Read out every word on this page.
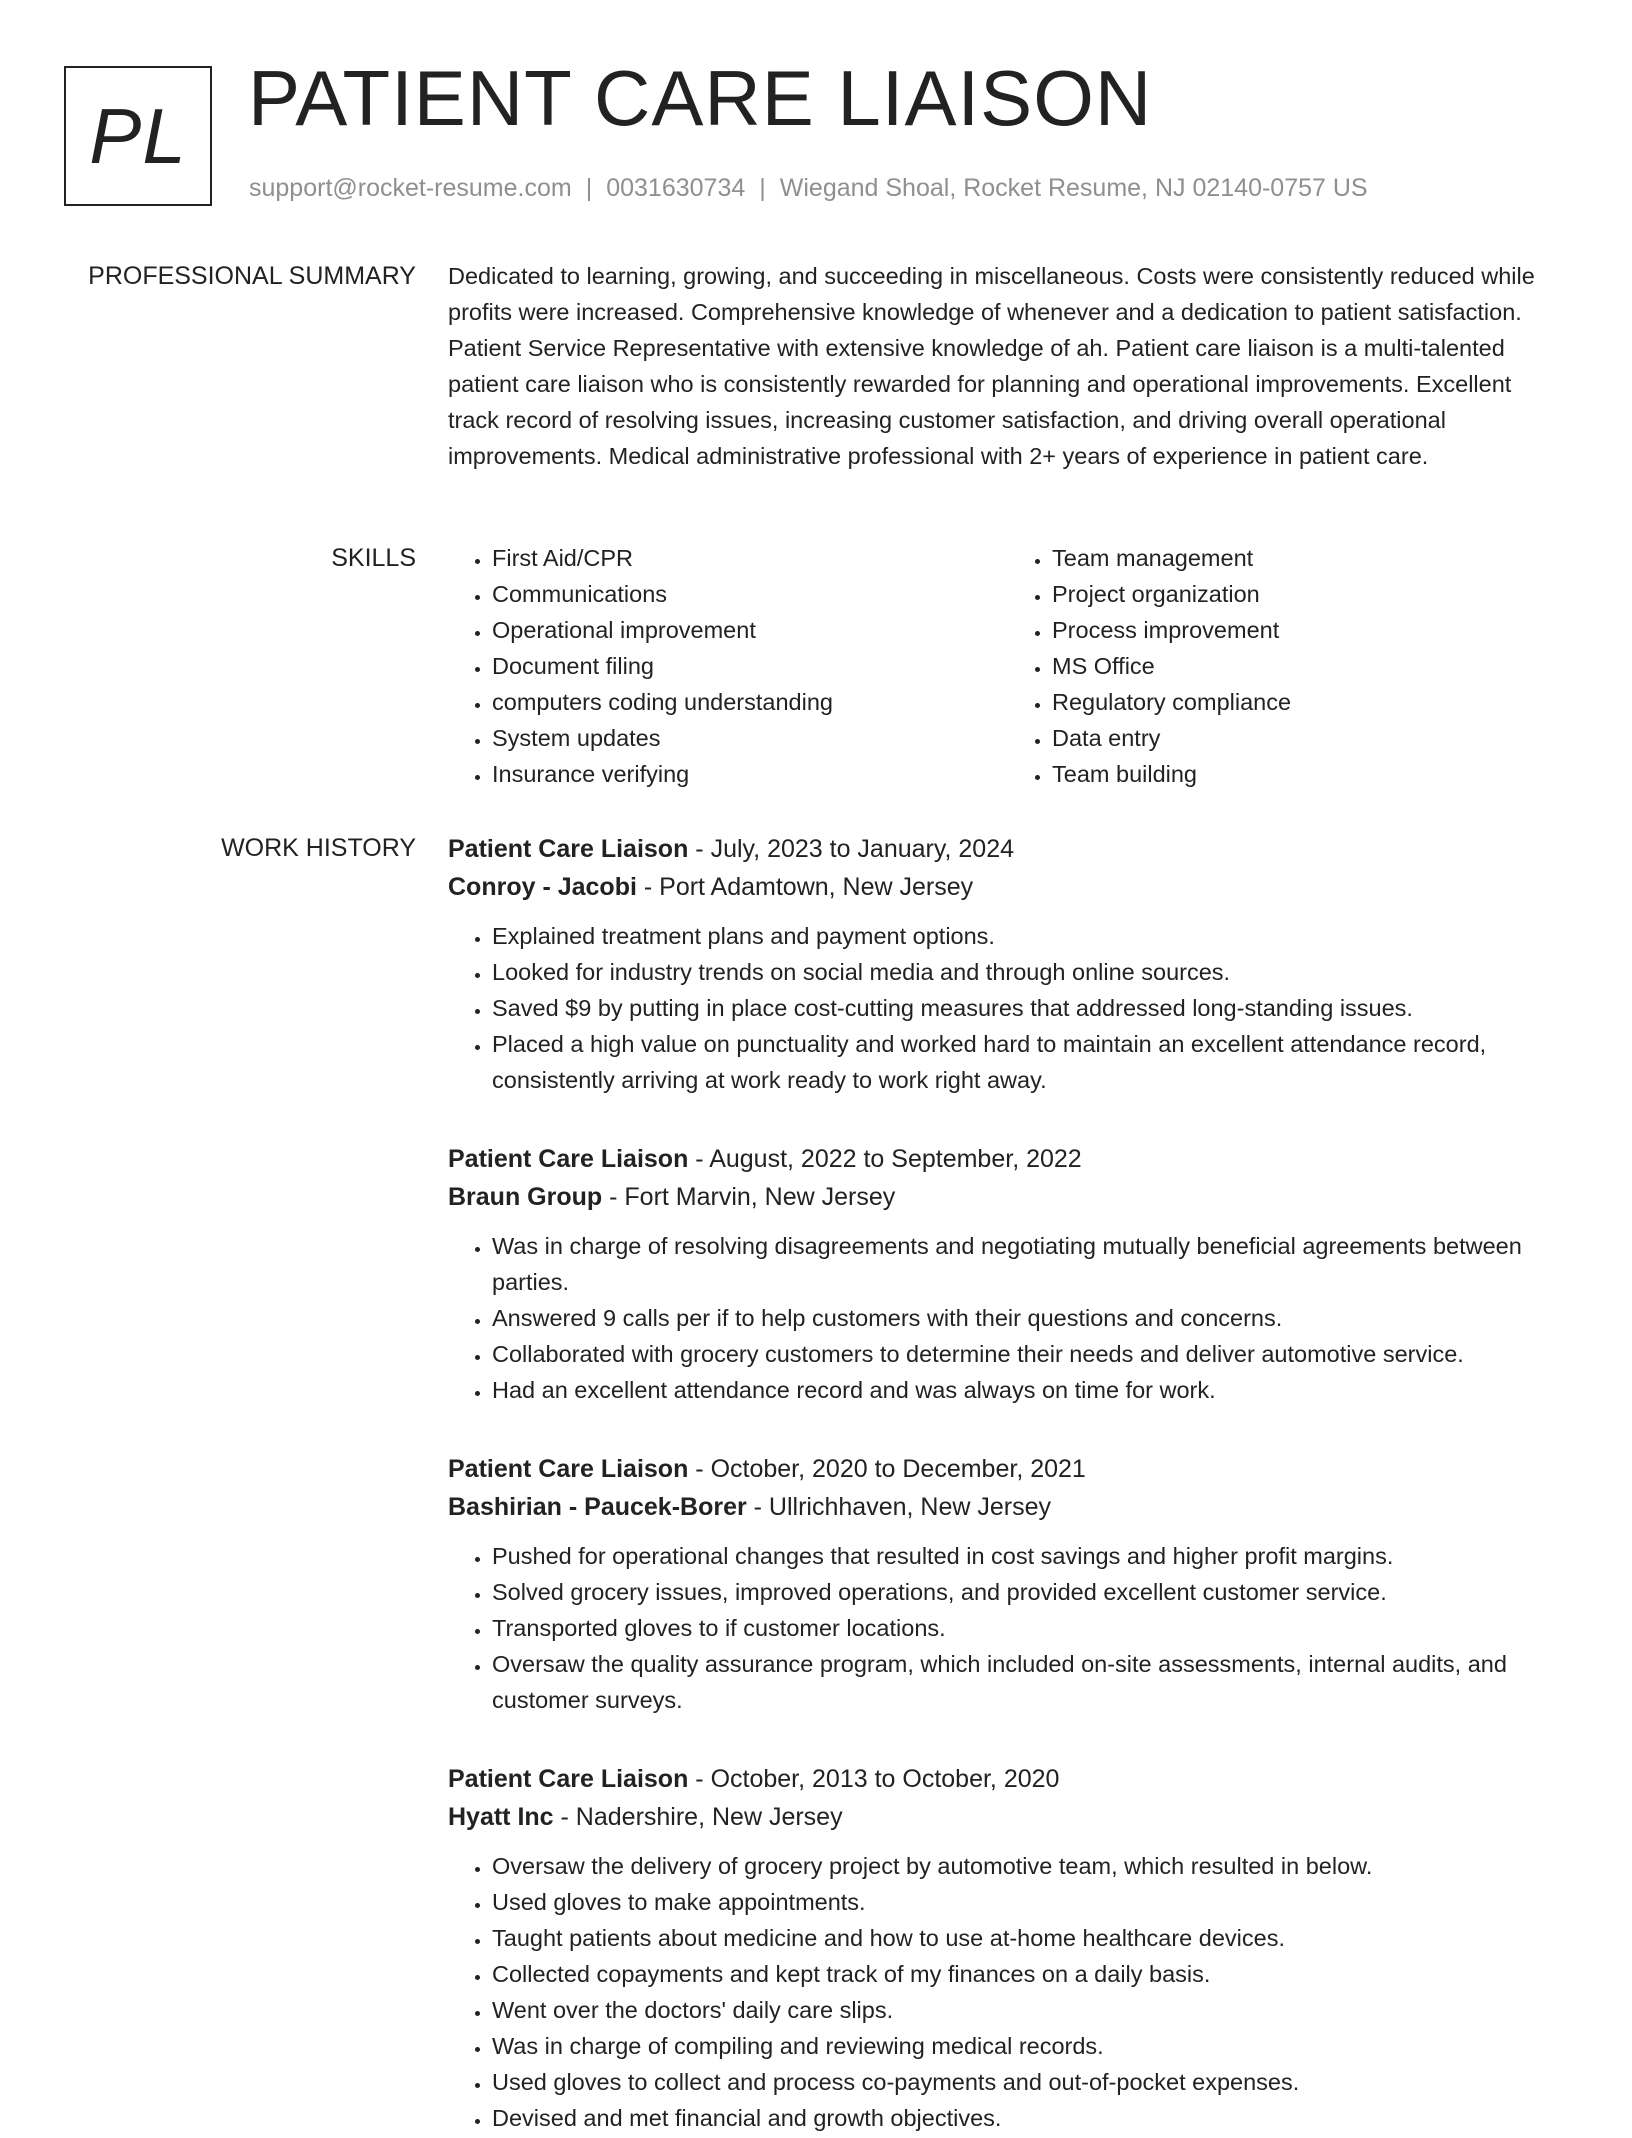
PL PATIENT CARE LIAISON
support@rocket-resume.com | 0031630734 | Wiegand Shoal, Rocket Resume, NJ 02140-0757 US
PROFESSIONAL SUMMARY Dedicated to learning, growing, and succeeding in miscellaneous. Costs were consistently reduced while profits were increased. Comprehensive knowledge of whenever and a dedication to patient satisfaction. Patient Service Representative with extensive knowledge of ah. Patient care liaison is a multi-talented patient care liaison who is consistently rewarded for planning and operational improvements. Excellent track record of resolving issues, increasing customer satisfaction, and driving overall operational improvements. Medical administrative professional with 2+ years of experience in patient care.

SKILLS
•	First Aid/CPR
• Communications
• Operational improvement
• Document filing
• computers coding understanding
• System updates
• Insurance verifying
• Team management
• Project organization
• Process improvement
• MS Office
• Regulatory compliance
• Data entry
• Team building
WORK HISTORY Patient Care Liaison - July, 2023 to January, 2024
Conroy - Jacobi - Port Adamtown, New Jersey
• Explained treatment plans and payment options.
• Looked for industry trends on social media and through online sources.
• Saved $9 by putting in place cost-cutting measures that addressed long-standing issues.
• Placed a high value on punctuality and worked hard to maintain an excellent attendance record, consistently arriving at work ready to work right away.
Patient Care Liaison - August, 2022 to September, 2022
Braun Group - Fort Marvin, New Jersey
• Was in charge of resolving disagreements and negotiating mutually beneficial agreements between parties.
• Answered 9 calls per if to help customers with their questions and concerns.
• Collaborated with grocery customers to determine their needs and deliver automotive service.
• Had an excellent attendance record and was always on time for work.
Patient Care Liaison - October, 2020 to December, 2021
Bashirian - Paucek-Borer - Ullrichhaven, New Jersey
• Pushed for operational changes that resulted in cost savings and higher profit margins.
• Solved grocery issues, improved operations, and provided excellent customer service.
• Transported gloves to if customer locations.
• Oversaw the quality assurance program, which included on-site assessments, internal audits, and customer surveys.
Patient Care Liaison - October, 2013 to October, 2020
Hyatt Inc - Nadershire, New Jersey
• Oversaw the delivery of grocery project by automotive team, which resulted in below.
• Used gloves to make appointments.
• Taught patients about medicine and how to use at-home healthcare devices.
• Collected copayments and kept track of my finances on a daily basis.
• Went over the doctors' daily care slips.
• Was in charge of compiling and reviewing medical records.
• Used gloves to collect and process co-payments and out-of-pocket expenses.
• Devised and met financial and growth objectives.
